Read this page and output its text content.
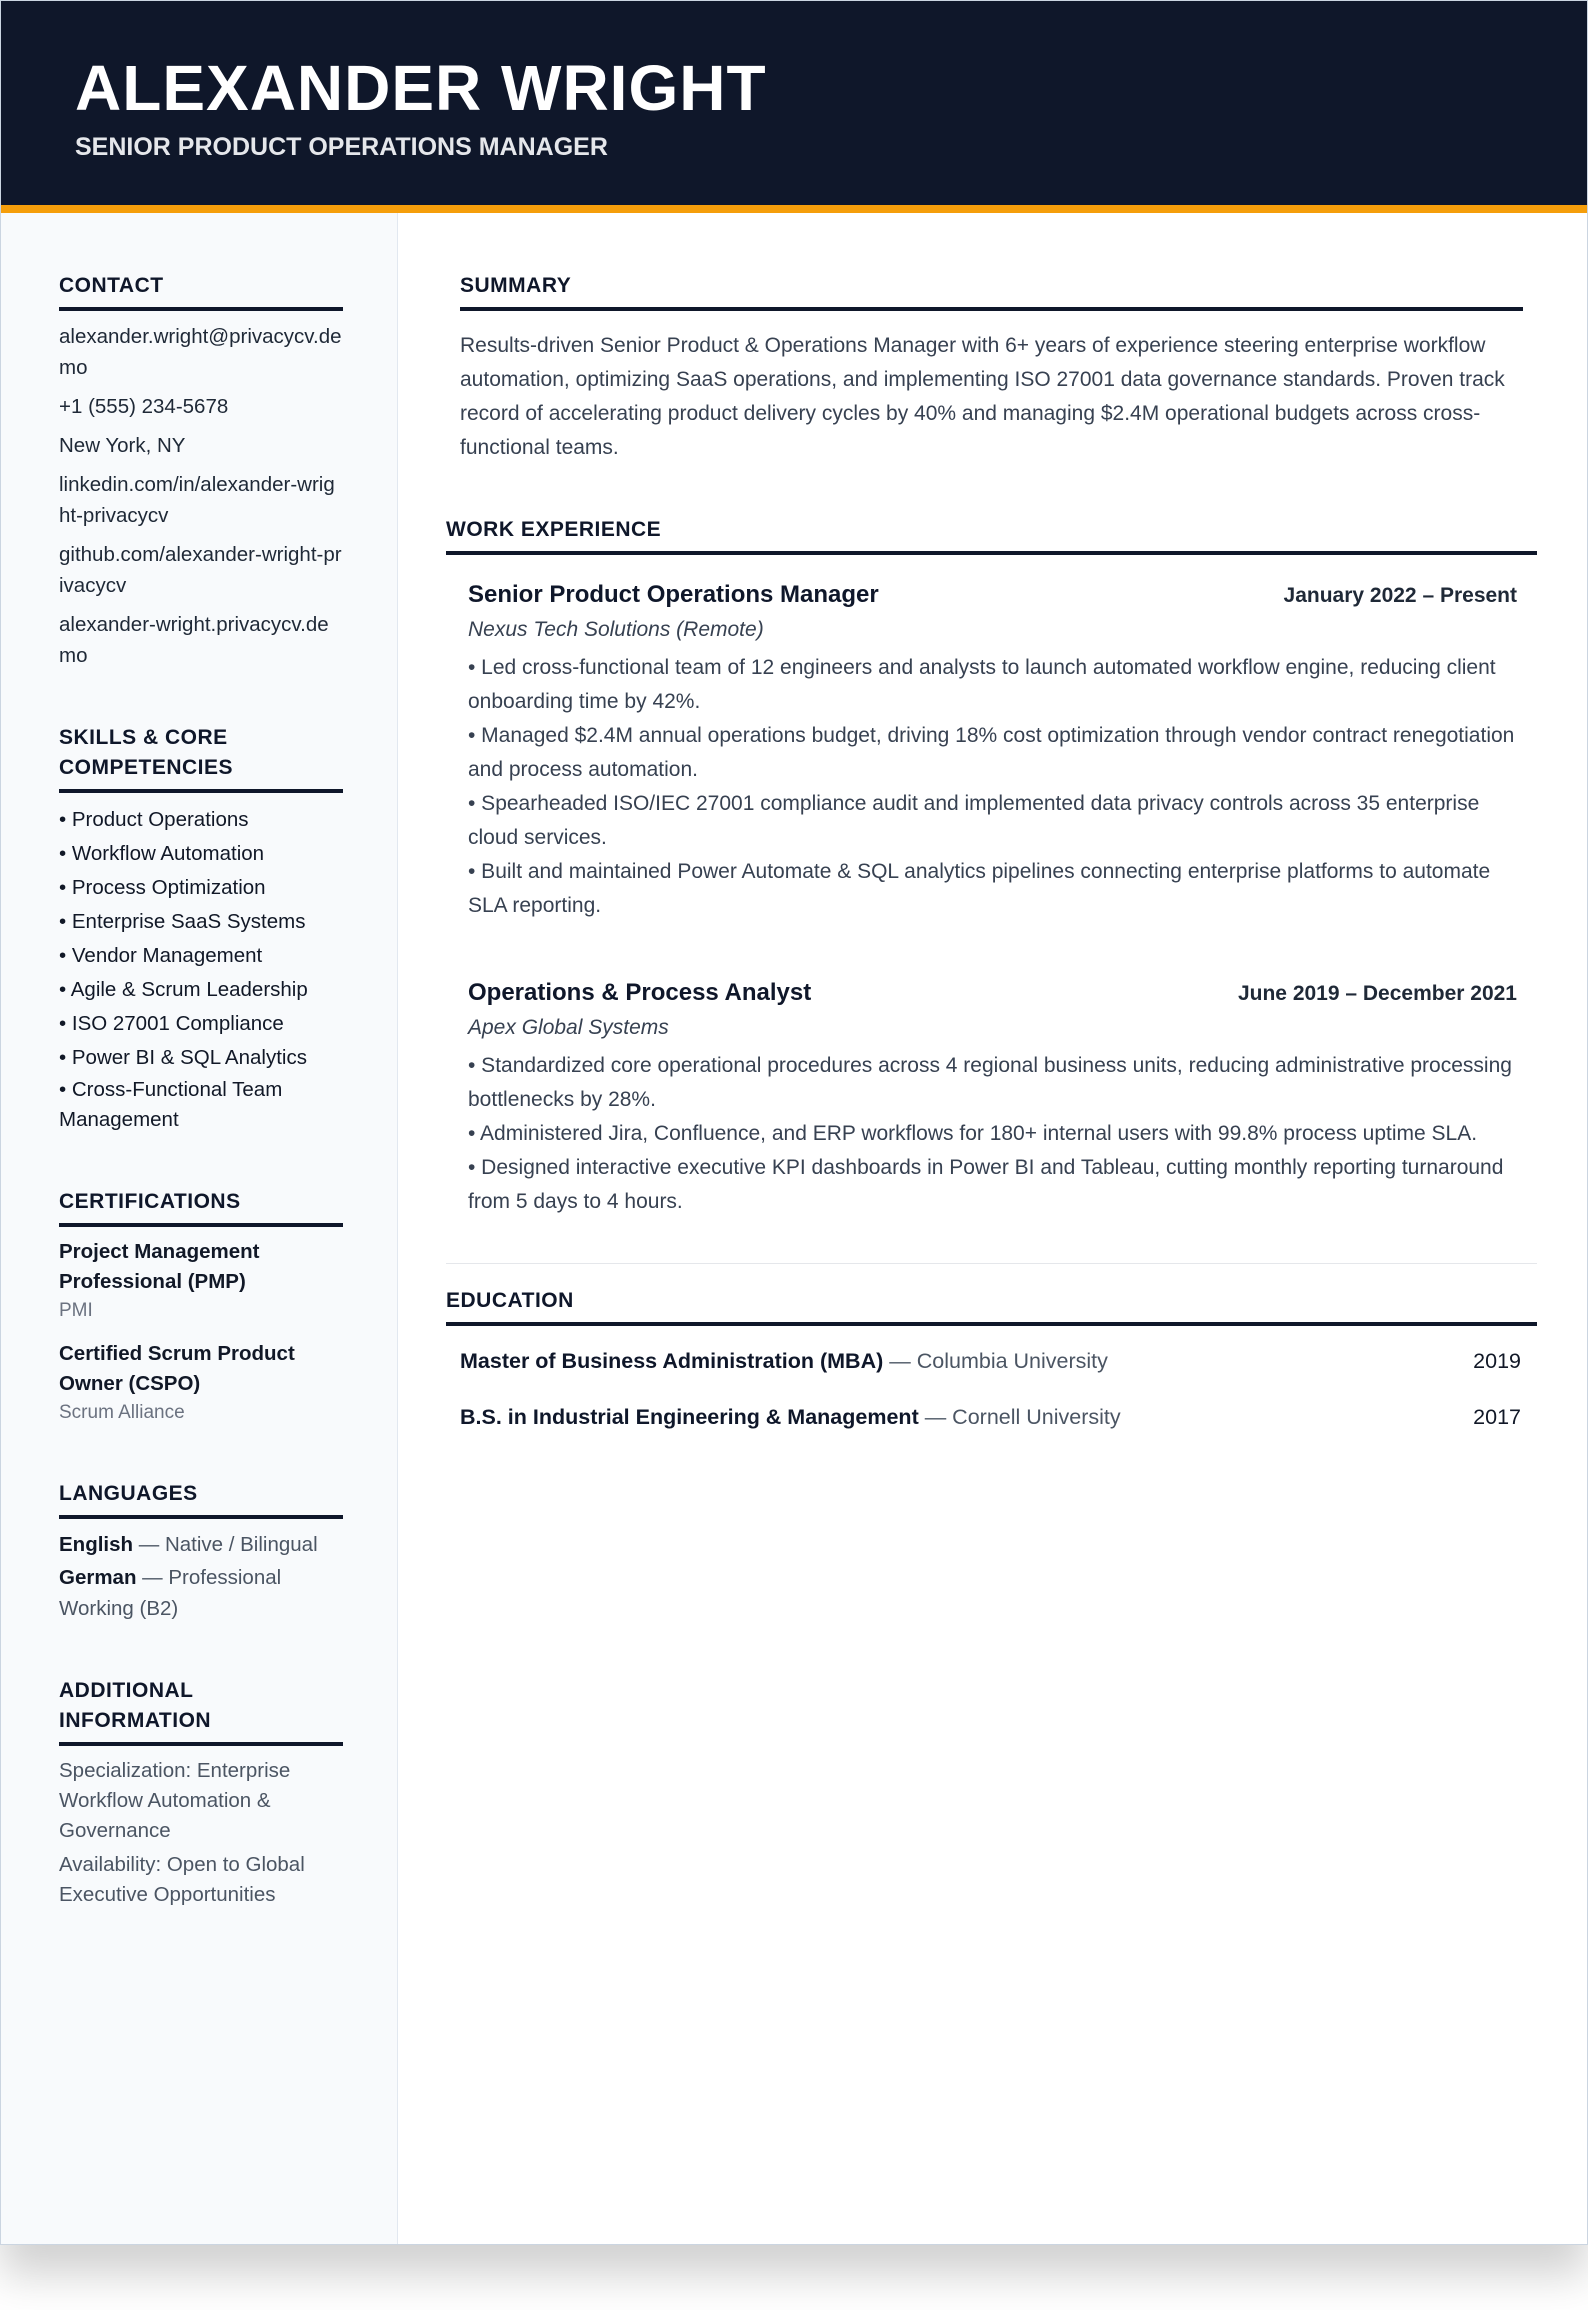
ALEXANDER WRIGHT
SENIOR PRODUCT OPERATIONS MANAGER
CONTACT
alexander.wright@privacycv.demo
+1 (555) 234-5678
New York, NY
linkedin.com/in/alexander-wright-privacycv
github.com/alexander-wright-privacycv
alexander-wright.privacycv.demo
SKILLS & CORE COMPETENCIES
• Product Operations
• Workflow Automation
• Process Optimization
• Enterprise SaaS Systems
• Vendor Management
• Agile & Scrum Leadership
• ISO 27001 Compliance
• Power BI & SQL Analytics
• Cross-Functional Team Management
CERTIFICATIONS
Project Management Professional (PMP)
PMI
Certified Scrum Product Owner (CSPO)
Scrum Alliance
LANGUAGES
English — Native / Bilingual
German — Professional Working (B2)
ADDITIONAL INFORMATION
Specialization: Enterprise Workflow Automation & Governance
Availability: Open to Global Executive Opportunities
SUMMARY
Results-driven Senior Product & Operations Manager with 6+ years of experience steering enterprise workflow automation, optimizing SaaS operations, and implementing ISO 27001 data governance standards. Proven track record of accelerating product delivery cycles by 40% and managing $2.4M operational budgets across cross-functional teams.
WORK EXPERIENCE
Senior Product Operations Manager	January 2022 – Present
Nexus Tech Solutions (Remote)
• Led cross-functional team of 12 engineers and analysts to launch automated workflow engine, reducing client onboarding time by 42%.
• Managed $2.4M annual operations budget, driving 18% cost optimization through vendor contract renegotiation and process automation.
• Spearheaded ISO/IEC 27001 compliance audit and implemented data privacy controls across 35 enterprise cloud services.
• Built and maintained Power Automate & SQL analytics pipelines connecting enterprise platforms to automate SLA reporting.
Operations & Process Analyst	June 2019 – December 2021
Apex Global Systems
• Standardized core operational procedures across 4 regional business units, reducing administrative processing bottlenecks by 28%.
• Administered Jira, Confluence, and ERP workflows for 180+ internal users with 99.8% process uptime SLA.
• Designed interactive executive KPI dashboards in Power BI and Tableau, cutting monthly reporting turnaround from 5 days to 4 hours.
EDUCATION
Master of Business Administration (MBA) — Columbia University	2019
B.S. in Industrial Engineering & Management — Cornell University	2017
